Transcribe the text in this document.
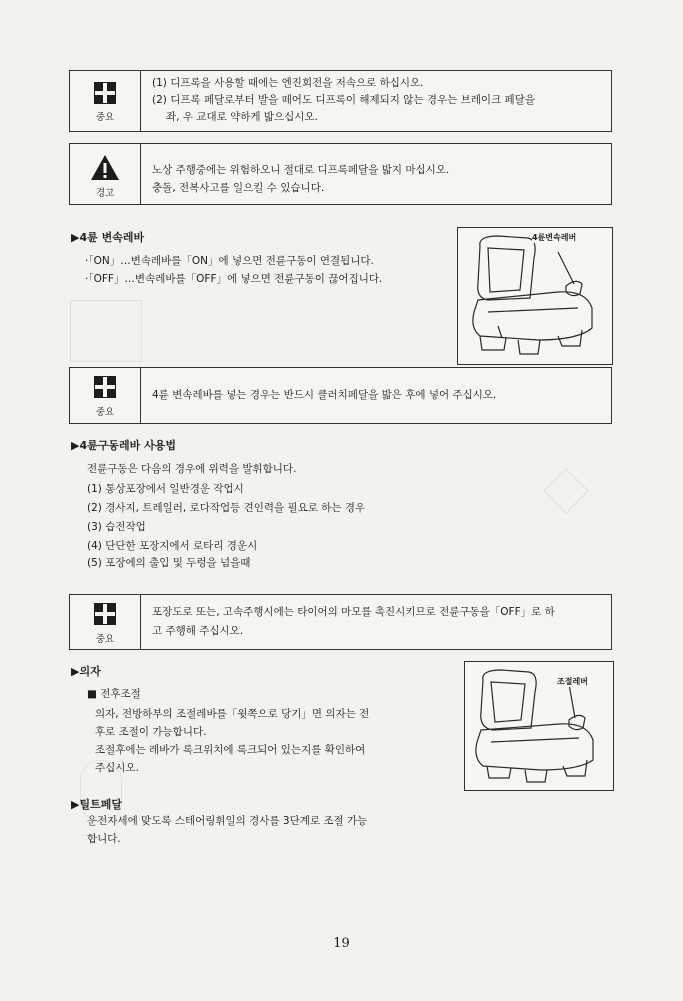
중요
(1) 디프록을 사용할 때에는 엔진회전을 저속으로 하십시오.
(2) 디프록 페달로부터 발을 떼어도 디프록이 해제되지 않는 경우는 브레이크 페달을
좌, 우 교대로 약하게 밟으십시오.
경고
노상 주행중에는 위험하오니 절대로 디프록페달을 밟지 마십시오.
충돌, 전복사고를 일으킬 수 있습니다.
▶4륜 변속레바
·「ON」…변속레바를「ON」에 넣으면 전륜구동이 연결됩니다.
·「OFF」…변속레바를「OFF」에 넣으면 전륜구동이 끊어집니다.
4륜변속레버
중요
4륜 변속레바를 넣는 경우는 반드시 클러치페달을 밟은 후에 넣어 주십시오.
▶4륜구동레바 사용법
전륜구동은 다음의 경우에 위력을 발휘합니다.
(1) 통상포장에서 일반경운 작업시
(2) 경사지, 트레일러, 로다작업등 견인력을 필요로 하는 경우
(3) 습전작업
(4) 단단한 포장지에서 로타리 경운시
(5) 포장에의 출입 및 두렁을 넘을때
중요
포장도로 또는, 고속주행시에는 타이어의 마모를 촉진시키므로 전륜구동을「OFF」로 하
고 주행해 주십시오.
▶의자
■ 전후조절
의자, 전방하부의 조절레바를「윗쪽으로 당기」면 의자는 전
후로 조절이 가능합니다.
조절후에는 레바가 록크위치에 록크되어 있는지를 확인하여
주십시오.
조절레버
▶틸트페달
운전자세에 맞도록 스테어링휘일의 경사를 3단계로 조절 가능
합니다.
19
